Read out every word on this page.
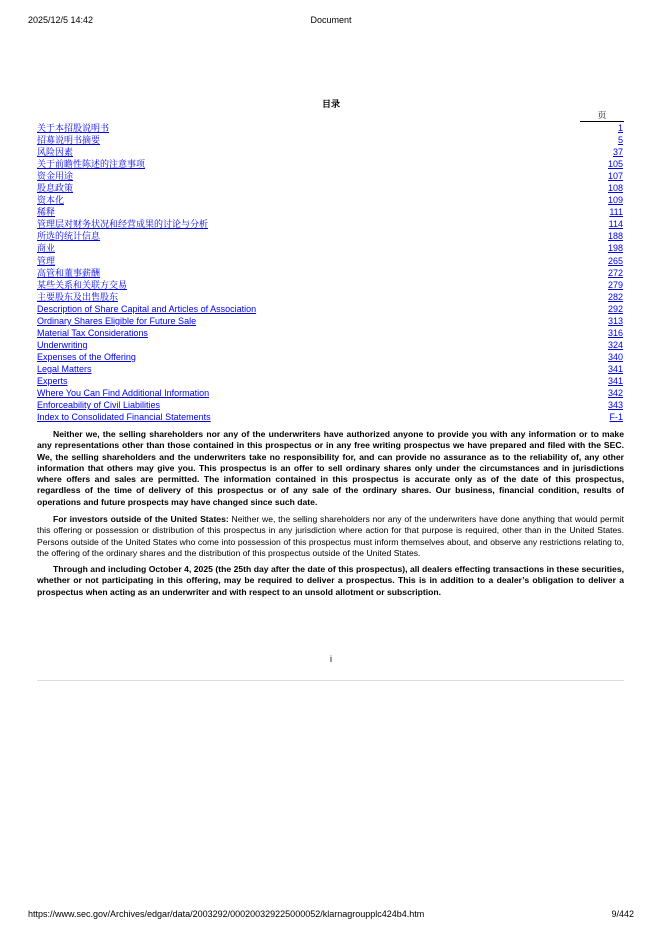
2025/12/5 14:42	Document
目录
页
关于本招股说明书	1
招募说明书摘要	5
风险因素	37
关于前瞻性陈述的注意事项	105
资金用途	107
股息政策	108
资本化	109
稀释	111
管理层对财务状况和经营成果的讨论与分析	114
所选的统计信息	188
商业	198
管理	265
高管和董事薪酬	272
某些关系和关联方交易	279
主要股东及出售股东	282
Description of Share Capital and Articles of Association	292
Ordinary Shares Eligible for Future Sale	313
Material Tax Considerations	316
Underwriting	324
Expenses of the Offering	340
Legal Matters	341
Experts	341
Where You Can Find Additional Information	342
Enforceability of Civil Liabilities	343
Index to Consolidated Financial Statements	F-1

Neither we, the selling shareholders nor any of the underwriters have authorized anyone to provide you with any information or to make any representations other than those contained in this prospectus or in any free writing prospectus we have prepared and filed with the SEC. We, the selling shareholders and the underwriters take no responsibility for, and can provide no assurance as to the reliability of, any other information that others may give you. This prospectus is an offer to sell ordinary shares only under the circumstances and in jurisdictions where offers and sales are permitted. The information contained in this prospectus is accurate only as of the date of this prospectus, regardless of the time of delivery of this prospectus or of any sale of the ordinary shares. Our business, financial condition, results of operations and future prospects may have changed since such date.

For investors outside of the United States: Neither we, the selling shareholders nor any of the underwriters have done anything that would permit this offering or possession or distribution of this prospectus in any jurisdiction where action for that purpose is required, other than in the United States. Persons outside of the United States who come into possession of this prospectus must inform themselves about, and observe any restrictions relating to, the offering of the ordinary shares and the distribution of this prospectus outside of the United States.

Through and including October 4, 2025 (the 25th day after the date of this prospectus), all dealers effecting transactions in these securities, whether or not participating in this offering, may be required to deliver a prospectus. This is in addition to a dealer’s obligation to deliver a prospectus when acting as an underwriter and with respect to an unsold allotment or subscription.

i
https://www.sec.gov/Archives/edgar/data/2003292/000200329225000052/klarnagroupplc424b4.htm	9/442
